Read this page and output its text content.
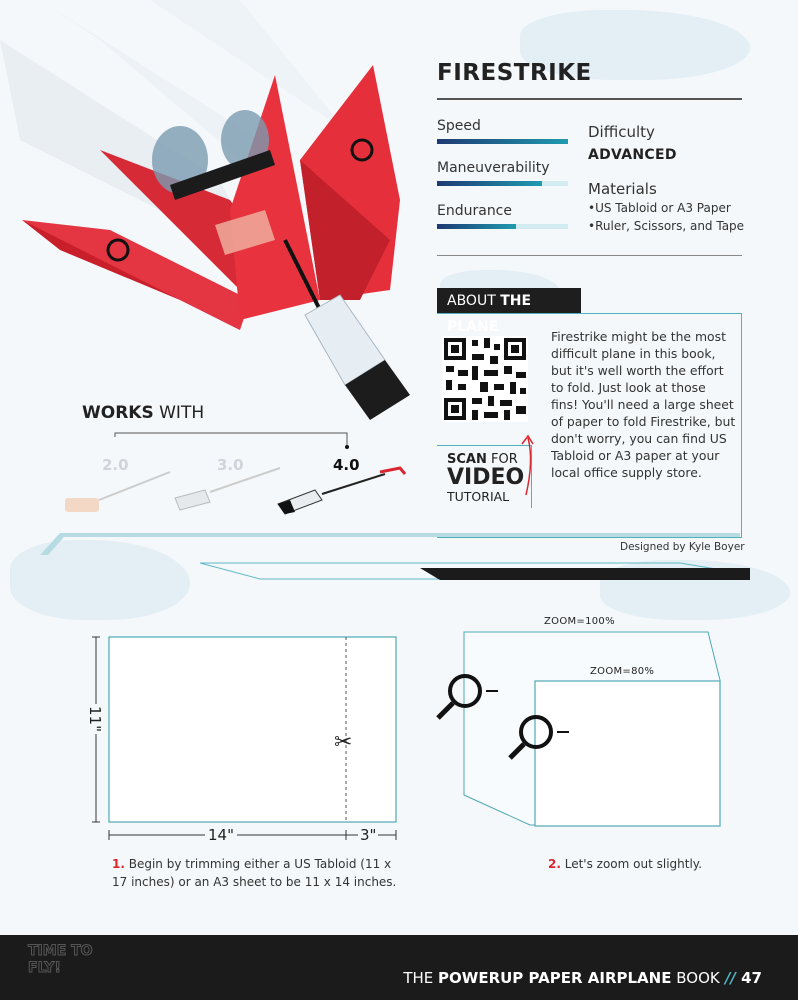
FIRESTRIKE
Speed
Maneuverability
Endurance
Difficulty
ADVANCED
Materials
•US Tabloid or A3 Paper
•Ruler, Scissors, and Tape
ABOUT THE PLANE
SCAN FOR
VIDEO
TUTORIAL
Firestrike might be the most difficult plane in this book, but it's well worth the effort to fold. Just look at those fins! You'll need a large sheet of paper to fold Firestrike, but don't worry, you can find US Tabloid or A3 paper at your local office supply store.
Designed by Kyle Boyer
WORKS WITH
2.0	3.0	4.0
✂
11"
14"	3"
1. Begin by trimming either a US Tabloid (11 x 17 inches) or an A3 sheet to be 11 x 14 inches.
ZOOM=100%
ZOOM=80%
2. Let's zoom out slightly.
TIME TO FLY!
THE POWERUP PAPER AIRPLANE BOOK // 47
